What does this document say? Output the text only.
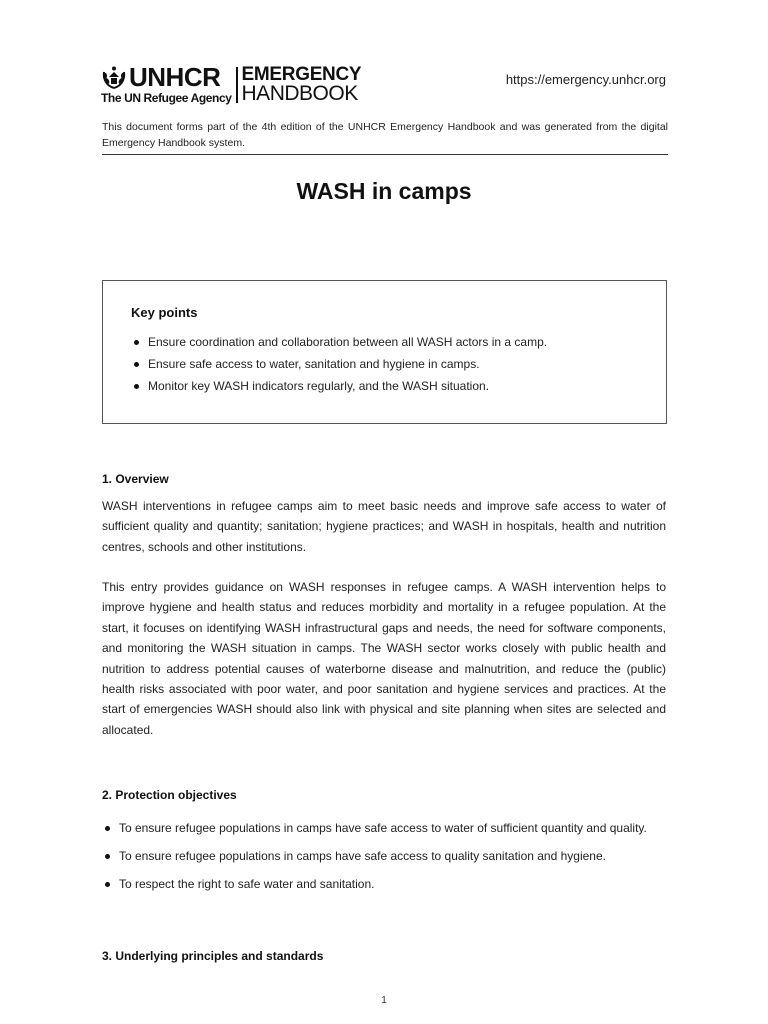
UNHCR
The UN Refugee Agency
EMERGENCY
HANDBOOK
https://emergency.unhcr.org
This document forms part of the 4th edition of the UNHCR Emergency Handbook and was generated from the digital Emergency Handbook system.
WASH in camps
Key points
Ensure coordination and collaboration between all WASH actors in a camp.
Ensure safe access to water, sanitation and hygiene in camps.
Monitor key WASH indicators regularly, and the WASH situation.
1. Overview
WASH interventions in refugee camps aim to meet basic needs and improve safe access to water of sufficient quality and quantity; sanitation; hygiene practices; and WASH in hospitals, health and nutrition centres, schools and other institutions.
This entry provides guidance on WASH responses in refugee camps. A WASH intervention helps to improve hygiene and health status and reduces morbidity and mortality in a refugee population. At the start, it focuses on identifying WASH infrastructural gaps and needs, the need for software components, and monitoring the WASH situation in camps. The WASH sector works closely with public health and nutrition to address potential causes of waterborne disease and malnutrition, and reduce the (public) health risks associated with poor water, and poor sanitation and hygiene services and practices. At the start of emergencies WASH should also link with physical and site planning when sites are selected and allocated.
2. Protection objectives
To ensure refugee populations in camps have safe access to water of sufficient quantity and quality.
To ensure refugee populations in camps have safe access to quality sanitation and hygiene.
To respect the right to safe water and sanitation.
3. Underlying principles and standards
1
